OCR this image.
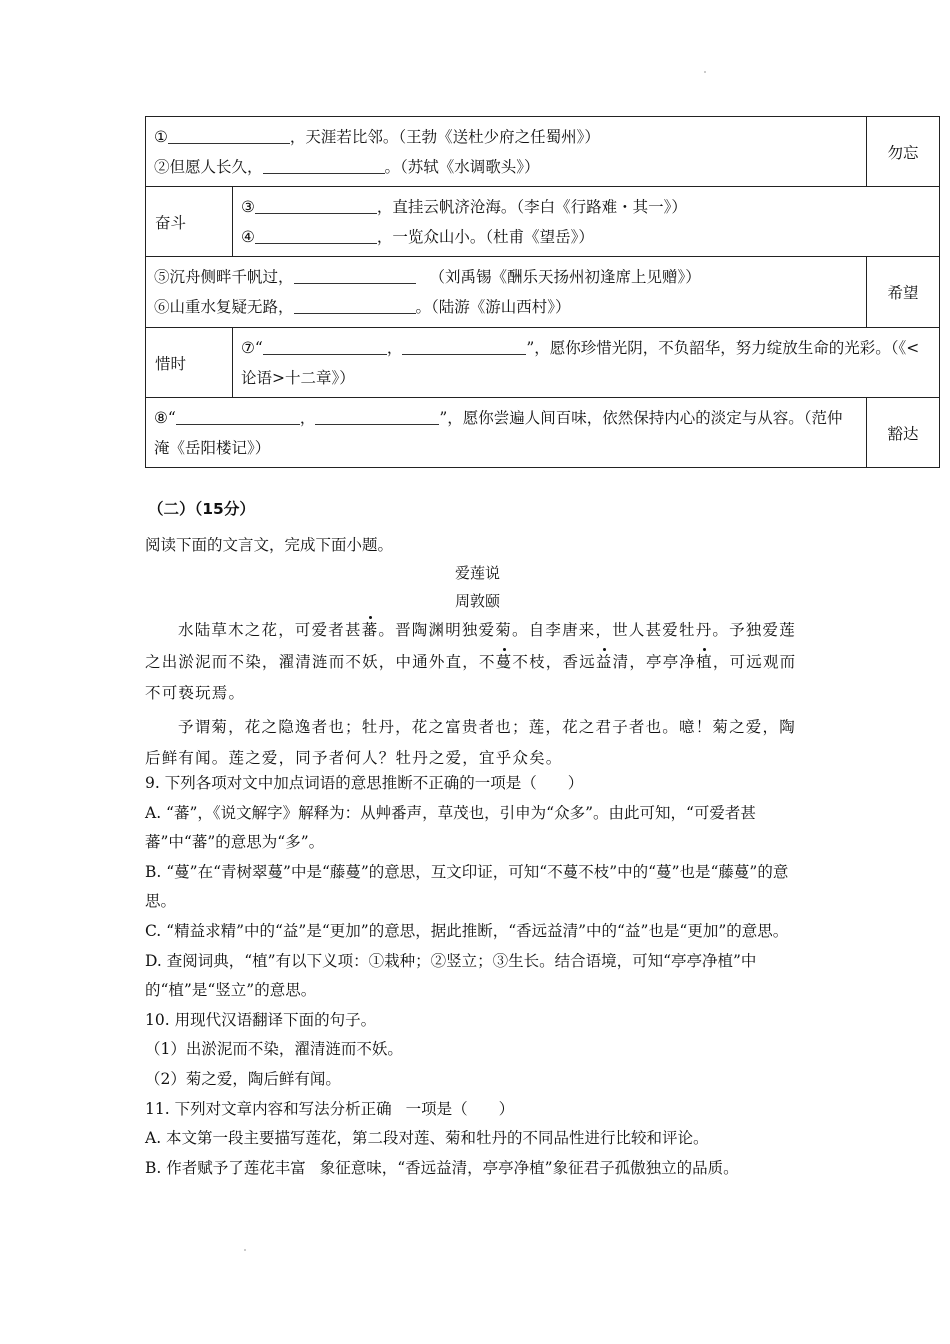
① ，天涯若比邻。（王勃《送杜少府之任蜀州》）
②但愿人长久， 。（苏轼《水调歌头》）		勿忘
奋斗	③ ，直挂云帆济沧海。（李白《行路难・其一》）
④ ，一览众山小。（杜甫《望岳》）	

⑤沉舟侧畔千帆过， （刘禹锡《酬乐天扬州初逢席上见赠》）
⑥山重水复疑无路， 。（陆游《游山西村》）		希望
惜时	⑦“ ， ”，愿你珍惜光阴，不负韶华，努力绽放生命的光彩。（《<论语>十二章》）	
⑧“ ， ”，愿你尝遍人间百味，依然保持内心的淡定与从容。（范仲淹《岳阳楼记》）		豁达
（二）（15分）
阅读下面的文言文，完成下面小题。
爱莲说
周敦颐

水陆草木之花，可爱者甚蕃。晋陶渊明独爱菊。自李唐来，世人甚爱牡丹。予独爱莲之出淤泥而不染，濯清涟而不妖，中通外直，不蔓不枝，香远益清，亭亭净植，可远观而不可亵玩焉。

予谓菊，花之隐逸者也；牡丹，花之富贵者也；莲，花之君子者也。噫！菊之爱，陶后鲜有闻。莲之爱，同予者何人？牡丹之爱，宜乎众矣。

9. 下列各项对文中加点词语的意思推断不正确的一项是（　　）

A. “蕃”，《说文解字》解释为：从艸番声，草茂也，引申为“众多”。由此可知，“可爱者甚蕃”中“蕃”的意思为“多”。

B. “蔓”在“青树翠蔓”中是“藤蔓”的意思，互文印证，可知“不蔓不枝”中的“蔓”也是“藤蔓”的意思。

C. “精益求精”中的“益”是“更加”的意思，据此推断，“香远益清”中的“益”也是“更加”的意思。

D. 查阅词典，“植”有以下义项：①栽种；②竖立；③生长。结合语境，可知“亭亭净植”中的“植”是“竖立”的意思。

10. 用现代汉语翻译下面的句子。

（1）出淤泥而不染，濯清涟而不妖。

（2）菊之爱，陶后鲜有闻。

11. 下列对文章内容和写法分析正确 一项是（　　）

A. 本文第一段主要描写莲花，第二段对莲、菊和牡丹的不同品性进行比较和评论。

B. 作者赋予了莲花丰富 象征意味，“香远益清，亭亭净植”象征君子孤傲独立的品质。
